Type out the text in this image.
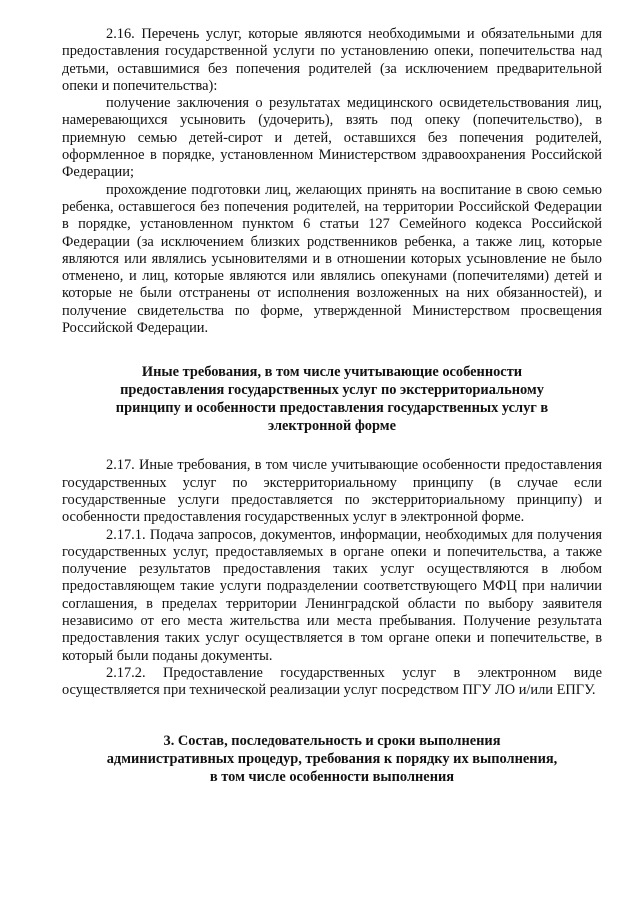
2.16. Перечень услуг, которые являются необходимыми и обязательными для предоставления государственной услуги по установлению опеки, попечительства над детьми, оставшимися без попечения родителей (за исключением предварительной опеки и попечительства):

получение заключения о результатах медицинского освидетельствования лиц, намеревающихся усыновить (удочерить), взять под опеку (попечительство), в приемную семью детей-сирот и детей, оставшихся без попечения родителей, оформленное в порядке, установленном Министерством здравоохранения Российской Федерации;

прохождение подготовки лиц, желающих принять на воспитание в свою семью ребенка, оставшегося без попечения родителей, на территории Российской Федерации в порядке, установленном пунктом 6 статьи 127 Семейного кодекса Российской Федерации (за исключением близких родственников ребенка, а также лиц, которые являются или являлись усыновителями и в отношении которых усыновление не было отменено, и лиц, которые являются или являлись опекунами (попечителями) детей и которые не были отстранены от исполнения возложенных на них обязанностей), и получение свидетельства по форме, утвержденной Министерством просвещения Российской Федерации.

Иные требования, в том числе учитывающие особенности предоставления государственных услуг по экстерриториальному принципу и особенности предоставления государственных услуг в электронной форме

2.17. Иные требования, в том числе учитывающие особенности предоставления государственных услуг по экстерриториальному принципу (в случае если государственные услуги предоставляется по экстерриториальному принципу) и особенности предоставления государственных услуг в электронной форме.

2.17.1. Подача запросов, документов, информации, необходимых для получения государственных услуг, предоставляемых в органе опеки и попечительства, а также получение результатов предоставления таких услуг осуществляются в любом предоставляющем такие услуги подразделении соответствующего МФЦ при наличии соглашения, в пределах территории Ленинградской области по выбору заявителя независимо от его места жительства или места пребывания. Получение результата предоставления таких услуг осуществляется в том органе опеки и попечительстве, в который были поданы документы.

2.17.2. Предоставление государственных услуг в электронном виде осуществляется при технической реализации услуг посредством ПГУ ЛО и/или ЕПГУ.

3. Состав, последовательность и сроки выполнения административных процедур, требования к порядку их выполнения, в том числе особенности выполнения
